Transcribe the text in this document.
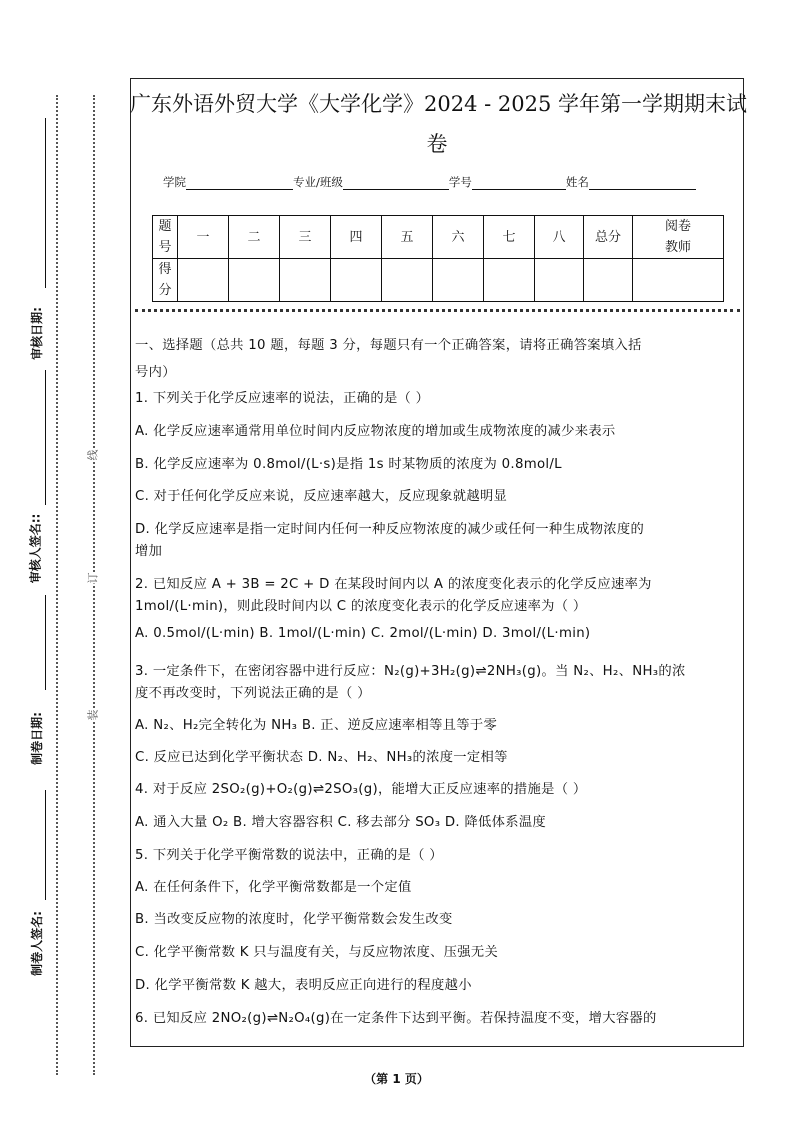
审核日期:
审核人签名::
制卷日期:
制卷人签名:
线
订
装
广东外语外贸大学《大学化学》2024 - 2025 学年第一学期期末试
卷
学院	专业/班级	学号	姓名
题号	一	二	三	四	五	六	七	八	总分	阅卷教师
得分										
一、选择题（总共 10 题，每题 3 分，每题只有一个正确答案，请将正确答案填入括
号内）
1. 下列关于化学反应速率的说法，正确的是（ ）
A. 化学反应速率通常用单位时间内反应物浓度的增加或生成物浓度的减少来表示
B. 化学反应速率为 0.8mol/(L·s)是指 1s 时某物质的浓度为 0.8mol/L
C. 对于任何化学反应来说，反应速率越大，反应现象就越明显
D. 化学反应速率是指一定时间内任何一种反应物浓度的减少或任何一种生成物浓度的
增加
2. 已知反应 A + 3B = 2C + D 在某段时间内以 A 的浓度变化表示的化学反应速率为
1mol/(L·min)，则此段时间内以 C 的浓度变化表示的化学反应速率为（ ）
A. 0.5mol/(L·min) B. 1mol/(L·min) C. 2mol/(L·min) D. 3mol/(L·min)
3. 一定条件下，在密闭容器中进行反应：N₂(g)+3H₂(g)⇌2NH₃(g)。当 N₂、H₂、NH₃的浓
度不再改变时，下列说法正确的是（ ）
A. N₂、H₂完全转化为 NH₃ B. 正、逆反应速率相等且等于零
C. 反应已达到化学平衡状态 D. N₂、H₂、NH₃的浓度一定相等
4. 对于反应 2SO₂(g)+O₂(g)⇌2SO₃(g)，能增大正反应速率的措施是（ ）
A. 通入大量 O₂ B. 增大容器容积 C. 移去部分 SO₃ D. 降低体系温度
5. 下列关于化学平衡常数的说法中，正确的是（ ）
A. 在任何条件下，化学平衡常数都是一个定值
B. 当改变反应物的浓度时，化学平衡常数会发生改变
C. 化学平衡常数 K 只与温度有关，与反应物浓度、压强无关
D. 化学平衡常数 K 越大，表明反应正向进行的程度越小
6. 已知反应 2NO₂(g)⇌N₂O₄(g)在一定条件下达到平衡。若保持温度不变，增大容器的
（第 1 页）
